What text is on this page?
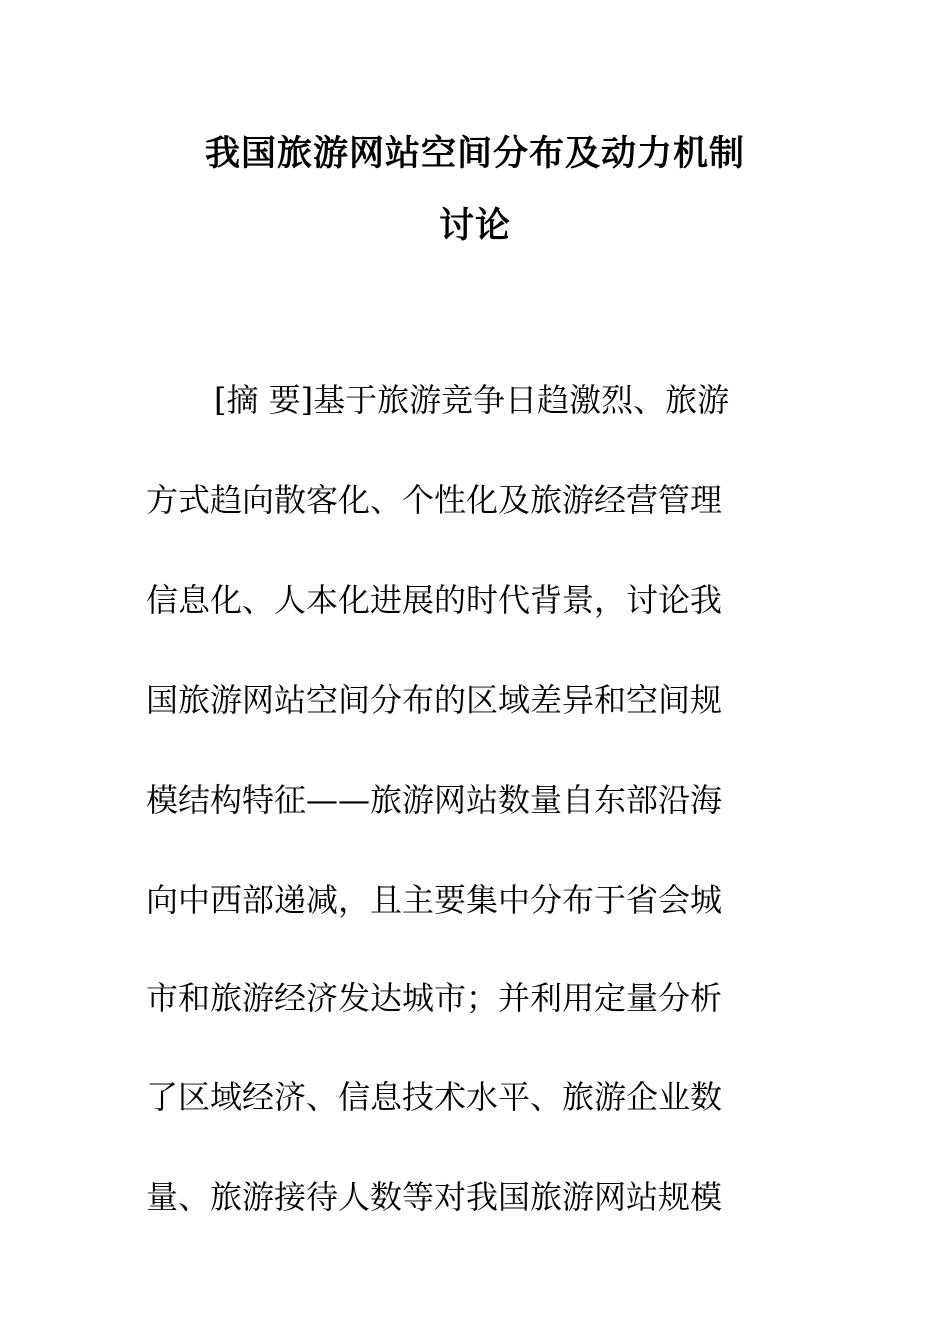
我国旅游网站空间分布及动力机制
讨论

[摘 要]基于旅游竞争日趋激烈、旅游

方式趋向散客化、个性化及旅游经营管理

信息化、人本化进展的时代背景，讨论我

国旅游网站空间分布的区域差异和空间规

模结构特征——旅游网站数量自东部沿海

向中西部递减，且主要集中分布于省会城

市和旅游经济发达城市；并利用定量分析

了区域经济、信息技术水平、旅游企业数

量、旅游接待人数等对我国旅游网站规模
